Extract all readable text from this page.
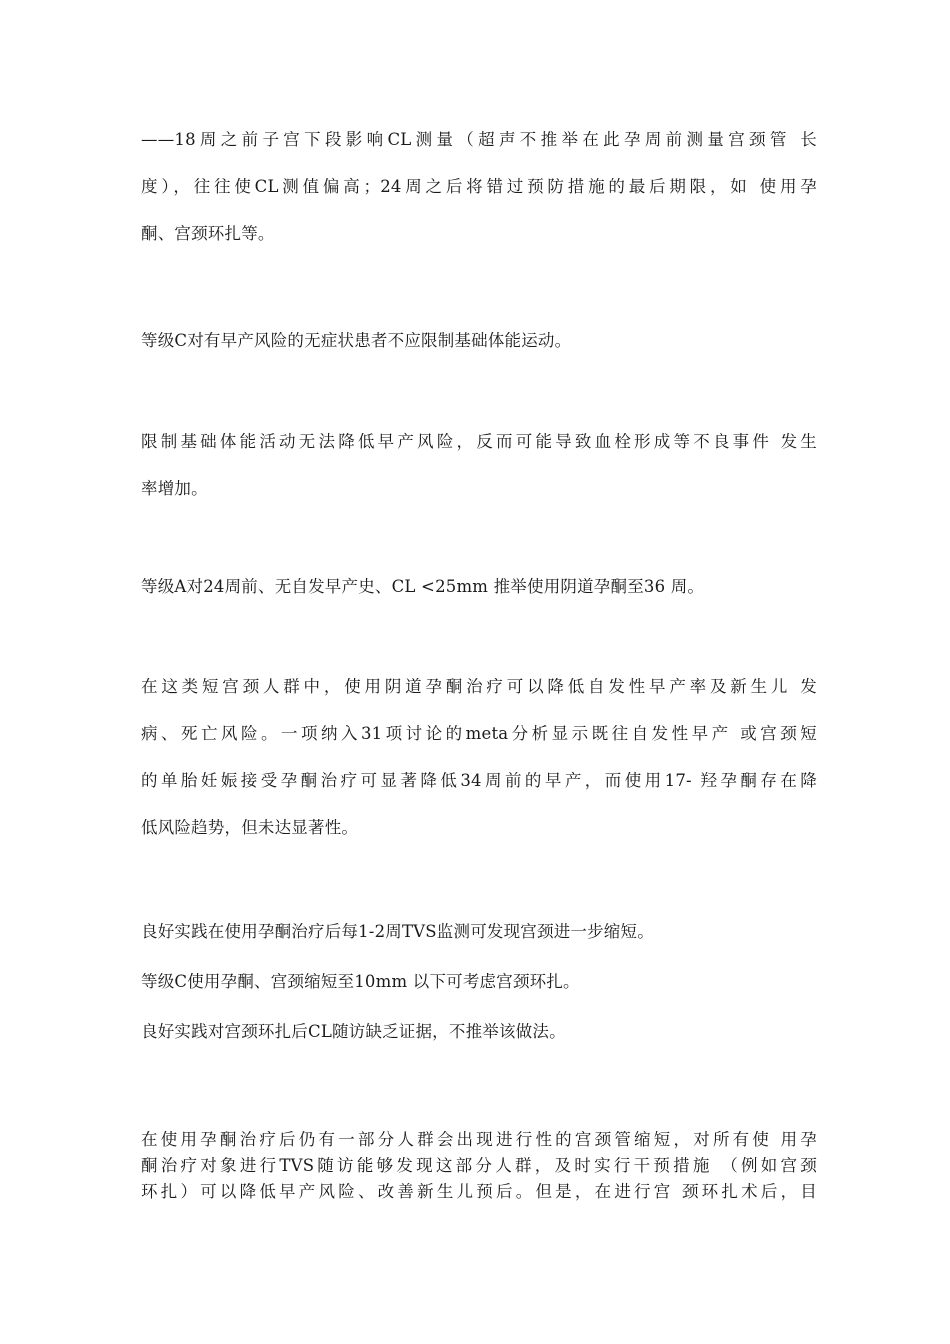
——18周之前子宫下段影响CL测量（超声不推举在此孕周前测量宫颈管 长
度），往往使CL测值偏高；24周之后将错过预防措施的最后期限，如 使用孕
酮、宫颈环扎等。
等级C对有早产风险的无症状患者不应限制基础体能运动。
限制基础体能活动无法降低早产风险，反而可能导致血栓形成等不良事件 发生
率增加。
等级A对24周前、无自发早产史、CL <25mm 推举使用阴道孕酮至36 周。
在这类短宫颈人群中，使用阴道孕酮治疗可以降低自发性早产率及新生儿 发
病、死亡风险。一项纳入31项讨论的meta分析显示既往自发性早产 或宫颈短
的单胎妊娠接受孕酮治疗可显著降低34周前的早产，而使用17- 羟孕酮存在降
低风险趋势，但未达显著性。
良好实践在使用孕酮治疗后每1-2周TVS监测可发现宫颈进一步缩短。
等级C使用孕酮、宫颈缩短至10mm 以下可考虑宫颈环扎。
良好实践对宫颈环扎后CL随访缺乏证据，不推举该做法。
在使用孕酮治疗后仍有一部分人群会出现进行性的宫颈管缩短，对所有使 用孕
酮治疗对象进行TVS随访能够发现这部分人群，及时实行干预措施 （例如宫颈
环扎）可以降低早产风险、改善新生儿预后。但是，在进行宫 颈环扎术后，目
